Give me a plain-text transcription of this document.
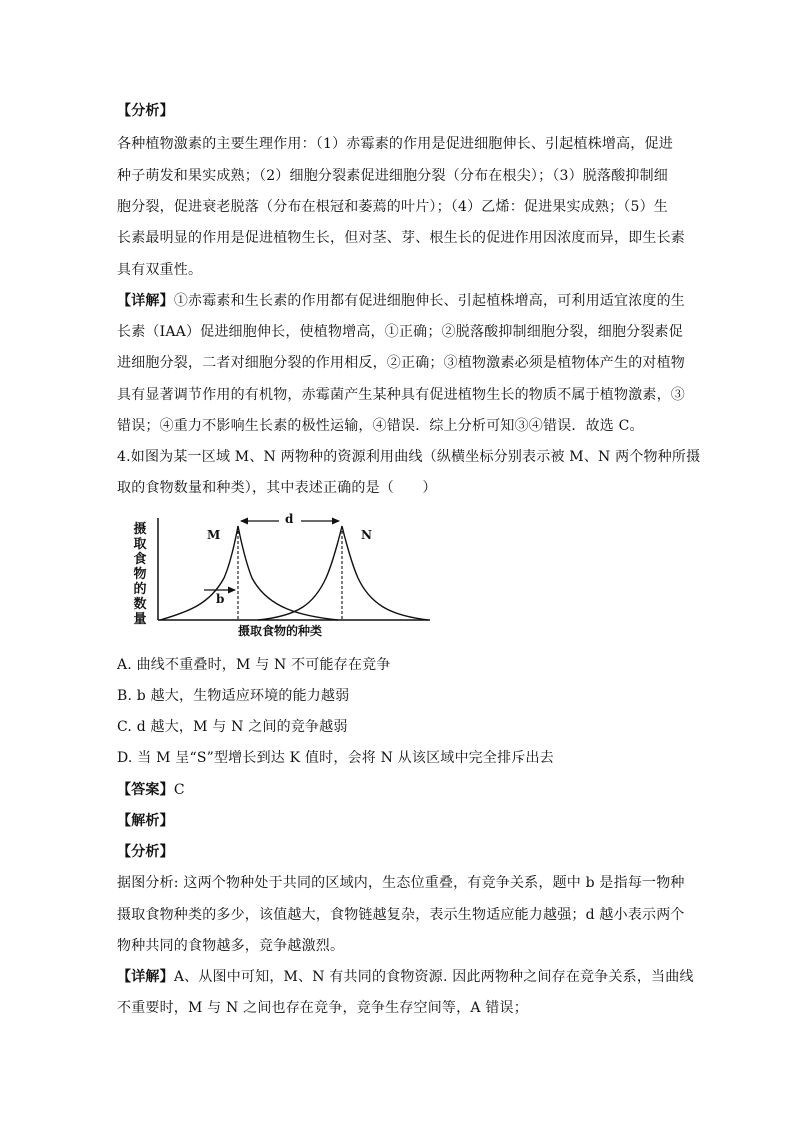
【分析】
各种植物激素的主要生理作用：（1）赤霉素的作用是促进细胞伸长、引起植株增高，促进
种子萌发和果实成熟；（2）细胞分裂素促进细胞分裂（分布在根尖）；（3）脱落酸抑制细
胞分裂，促进衰老脱落（分布在根冠和萎蔫的叶片）；（4）乙烯：促进果实成熟；（5）生
长素最明显的作用是促进植物生长，但对茎、芽、根生长的促进作用因浓度而异，即生长素
具有双重性。
【详解】①赤霉素和生长素的作用都有促进细胞伸长、引起植株增高，可利用适宜浓度的生
长素（IAA）促进细胞伸长，使植物增高，①正确；②脱落酸抑制细胞分裂，细胞分裂素促
进细胞分裂，二者对细胞分裂的作用相反，②正确；③植物激素必须是植物体产生的对植物
具有显著调节作用的有机物，赤霉菌产生某种具有促进植物生长的物质不属于植物激素，③
错误；④重力不影响生长素的极性运输，④错误．综上分析可知③④错误．故选 C。
4.如图为某一区域 M、N 两物种的资源利用曲线（纵横坐标分别表示被 M、N 两个物种所摄
取的食物数量和种类），其中表述正确的是（　　）
摄取食物的数量
摄取食物的种类
M	N
d
b
A. 曲线不重叠时，M 与 N 不可能存在竞争
B. b 越大，生物适应环境的能力越弱
C. d 越大，M 与 N 之间的竞争越弱
D. 当 M 呈“S”型增长到达 K 值时，会将 N 从该区域中完全排斥出去
【答案】C
【解析】
【分析】
据图分析: 这两个物种处于共同的区域内，生态位重叠，有竞争关系，题中 b 是指每一物种
摄取食物种类的多少，该值越大，食物链越复杂，表示生物适应能力越强；d 越小表示两个
物种共同的食物越多，竞争越激烈。
【详解】A、从图中可知，M、N 有共同的食物资源. 因此两物种之间存在竞争关系，当曲线
不重要时，M 与 N 之间也存在竞争，竞争生存空间等，A 错误；
